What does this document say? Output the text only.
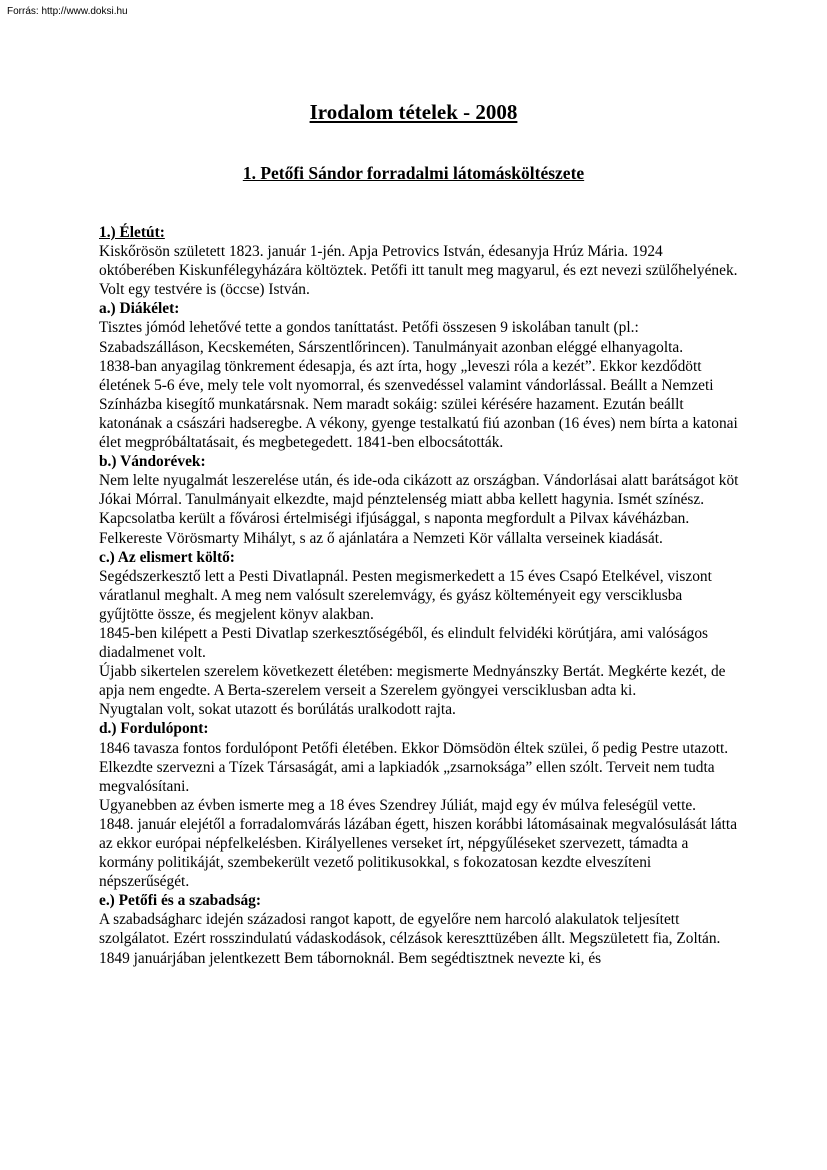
Forrás: http://www.doksi.hu
Irodalom tételek - 2008
1. Petőfi Sándor forradalmi látomásköltészete

1.) Életút:

Kiskőrösön született 1823. január 1-jén. Apja Petrovics István, édesanyja Hrúz Mária. 1924 októberében Kiskunfélegyházára költöztek. Petőfi itt tanult meg magyarul, és ezt nevezi szülőhelyének. Volt egy testvére is (öccse) István.

a.) Diákélet:

Tisztes jómód lehetővé tette a gondos taníttatást. Petőfi összesen 9 iskolában tanult (pl.: Szabadszálláson, Kecskeméten, Sárszentlőrincen). Tanulmányait azonban eléggé elhanyagolta.

1838-ban anyagilag tönkrement édesapja, és azt írta, hogy „leveszi róla a kezét”. Ekkor kezdődött életének 5-6 éve, mely tele volt nyomorral, és szenvedéssel valamint vándorlással. Beállt a Nemzeti Színházba kisegítő munkatársnak. Nem maradt sokáig: szülei kérésére hazament. Ezután beállt katonának a császári hadseregbe. A vékony, gyenge testalkatú fiú azonban (16 éves) nem bírta a katonai élet megpróbáltatásait, és megbetegedett. 1841-ben elbocsátották.

b.) Vándorévek:

Nem lelte nyugalmát leszerelése után, és ide-oda cikázott az országban. Vándorlásai alatt barátságot köt Jókai Mórral. Tanulmányait elkezdte, majd pénztelenség miatt abba kellett hagynia. Ismét színész. Kapcsolatba került a fővárosi értelmiségi ifjúsággal, s naponta megfordult a Pilvax kávéházban. Felkereste Vörösmarty Mihályt, s az ő ajánlatára a Nemzeti Kör vállalta verseinek kiadását.

c.) Az elismert költő:

Segédszerkesztő lett a Pesti Divatlapnál. Pesten megismerkedett a 15 éves Csapó Etelkével, viszont váratlanul meghalt. A meg nem valósult szerelemvágy, és gyász költeményeit egy versciklusba gyűjtötte össze, és megjelent könyv alakban.

1845-ben kilépett a Pesti Divatlap szerkesztőségéből, és elindult felvidéki körútjára, ami valóságos diadalmenet volt.

Újabb sikertelen szerelem következett életében: megismerte Mednyánszky Bertát. Megkérte kezét, de apja nem engedte. A Berta-szerelem verseit a Szerelem gyöngyei versciklusban adta ki.

Nyugtalan volt, sokat utazott és borúlátás uralkodott rajta.

d.) Fordulópont:

1846 tavasza fontos fordulópont Petőfi életében. Ekkor Dömsödön éltek szülei, ő pedig Pestre utazott. Elkezdte szervezni a Tízek Társaságát, ami a lapkiadók „zsarnoksága” ellen szólt. Terveit nem tudta megvalósítani.

Ugyanebben az évben ismerte meg a 18 éves Szendrey Júliát, majd egy év múlva feleségül vette.

1848. január elejétől a forradalomvárás lázában égett, hiszen korábbi látomásainak megvalósulását látta az ekkor európai népfelkelésben. Királyellenes verseket írt, népgyűléseket szervezett, támadta a kormány politikáját, szembekerült vezető politikusokkal, s fokozatosan kezdte elveszíteni népszerűségét.

e.) Petőfi és a szabadság:

A szabadságharc idején századosi rangot kapott, de egyelőre nem harcoló alakulatok teljesített szolgálatot. Ezért rosszindulatú vádaskodások, célzások kereszttüzében állt. Megszületett fia, Zoltán. 1849 januárjában jelentkezett Bem tábornoknál. Bem segédtisztnek nevezte ki, és
